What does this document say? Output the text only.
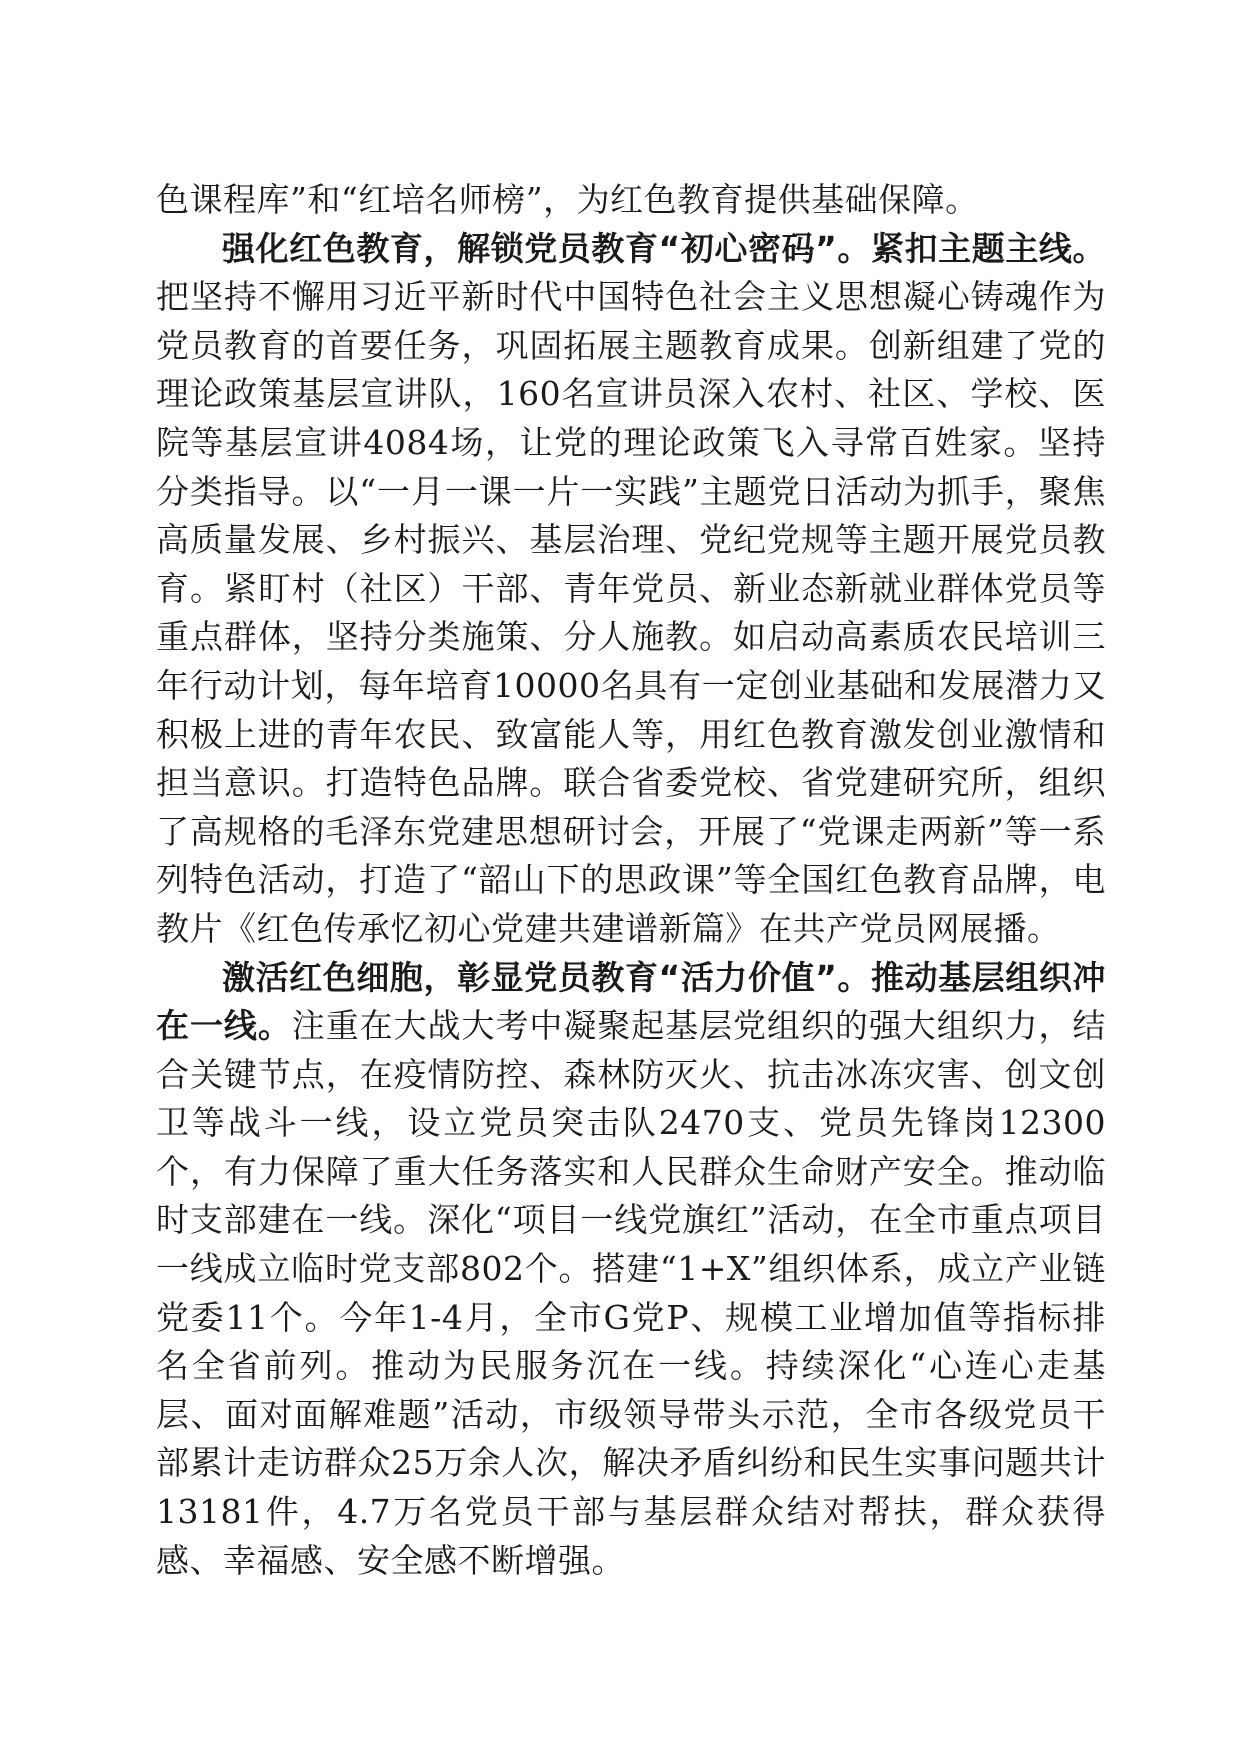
色课程库”和“红培名师榜”，为红色教育提供基础保障。

强化红色教育，解锁党员教育“初心密码”。紧扣主题主线。把坚持不懈用习近平新时代中国特色社会主义思想凝心铸魂作为党员教育的首要任务，巩固拓展主题教育成果。创新组建了党的理论政策基层宣讲队，160名宣讲员深入农村、社区、学校、医院等基层宣讲4084场，让党的理论政策飞入寻常百姓家。坚持分类指导。以“一月一课一片一实践”主题党日活动为抓手，聚焦高质量发展、乡村振兴、基层治理、党纪党规等主题开展党员教育。紧盯村（社区）干部、青年党员、新业态新就业群体党员等重点群体，坚持分类施策、分人施教。如启动高素质农民培训三年行动计划，每年培育10000名具有一定创业基础和发展潜力又积极上进的青年农民、致富能人等，用红色教育激发创业激情和担当意识。打造特色品牌。联合省委党校、省党建研究所，组织了高规格的毛泽东党建思想研讨会，开展了“党课走两新”等一系列特色活动，打造了“韶山下的思政课”等全国红色教育品牌，电教片《红色传承忆初心党建共建谱新篇》在共产党员网展播。

激活红色细胞，彰显党员教育“活力价值”。推动基层组织冲在一线。注重在大战大考中凝聚起基层党组织的强大组织力，结合关键节点，在疫情防控、森林防灭火、抗击冰冻灾害、创文创卫等战斗一线，设立党员突击队2470支、党员先锋岗12300个，有力保障了重大任务落实和人民群众生命财产安全。推动临时支部建在一线。深化“项目一线党旗红”活动，在全市重点项目一线成立临时党支部802个。搭建“1+X”组织体系，成立产业链党委11个。今年1-4月，全市G党P、规模工业增加值等指标排名全省前列。推动为民服务沉在一线。持续深化“心连心走基层、面对面解难题”活动，市级领导带头示范，全市各级党员干部累计走访群众25万余人次，解决矛盾纠纷和民生实事问题共计13181件，4.7万名党员干部与基层群众结对帮扶，群众获得感、幸福感、安全感不断增强。
